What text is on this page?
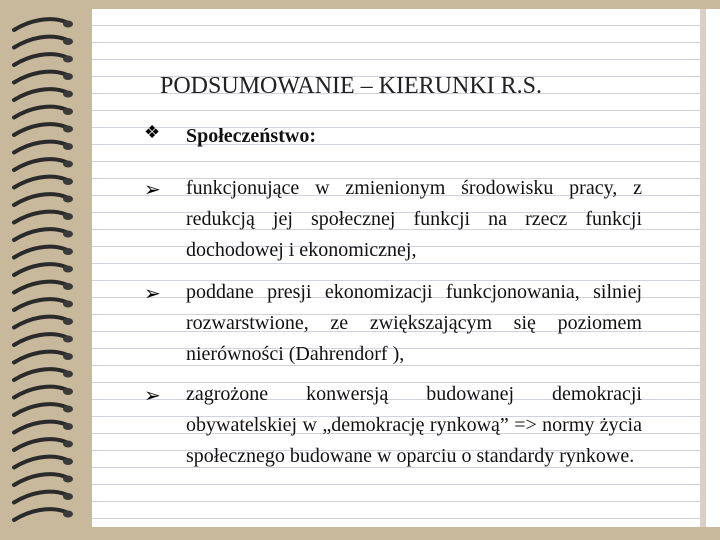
PODSUMOWANIE – KIERUNKI R.S.
❖ Społeczeństwo:
➢ funkcjonujące w zmienionym środowisku pracy, z redukcją jej społecznej funkcji na rzecz funkcji dochodowej i ekonomicznej,
➢ poddane presji ekonomizacji funkcjonowania, silniej rozwarstwione, ze zwiększającym się poziomem nierówności (Dahrendorf ),
➢ zagrożone konwersją budowanej demokracji obywatelskiej w „demokrację rynkową” => normy życia społecznego budowane w oparciu o standardy rynkowe.
